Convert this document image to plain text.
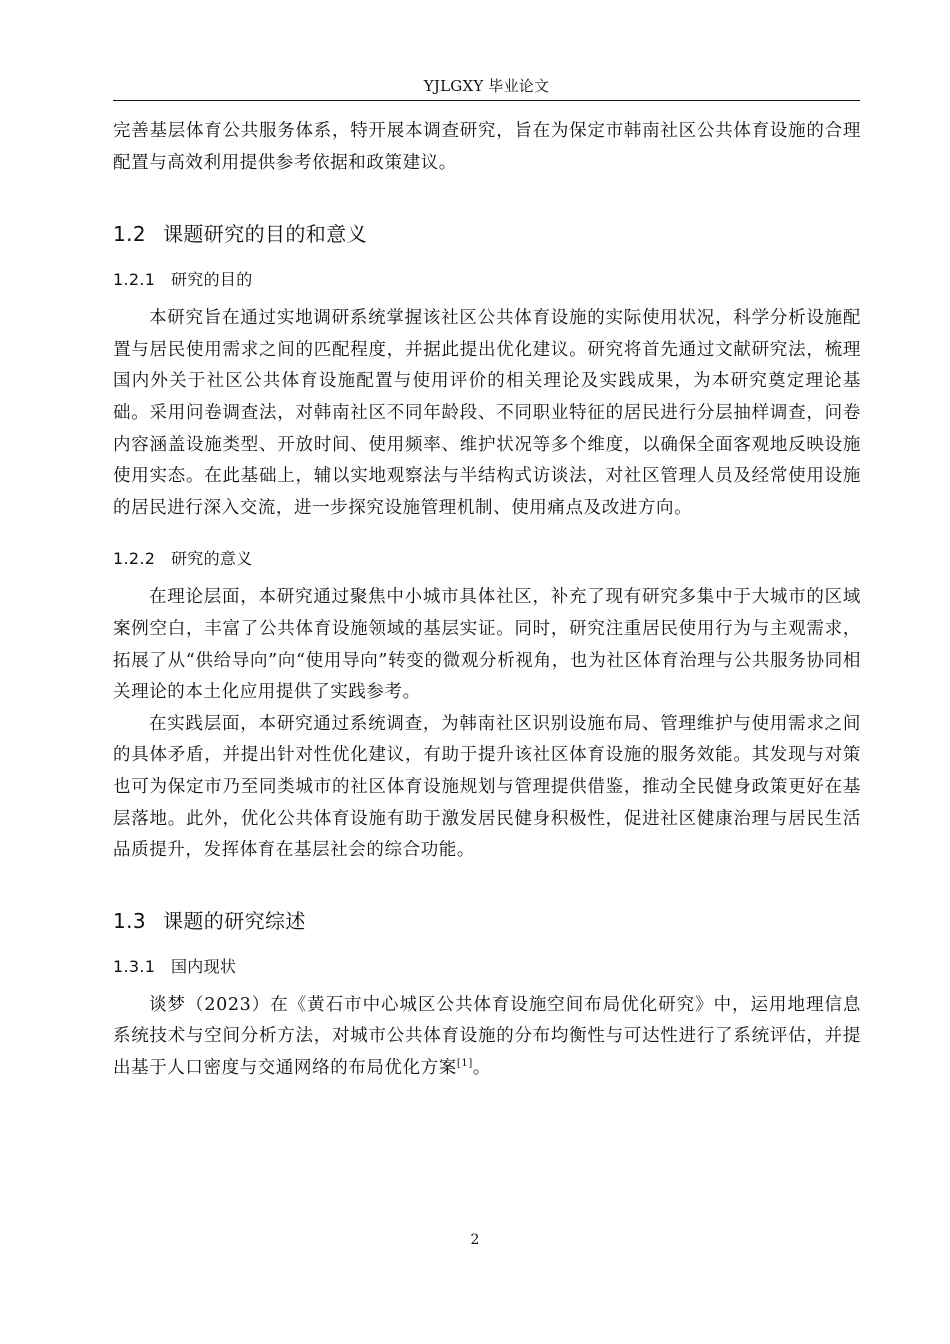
YJLGXY 毕业论文

完善基层体育公共服务体系，特开展本调查研究，旨在为保定市韩南社区公共体育设施的合理配置与高效利用提供参考依据和政策建议。

1.2 课题研究的目的和意义
1.2.1 研究的目的

本研究旨在通过实地调研系统掌握该社区公共体育设施的实际使用状况，科学分析设施配置与居民使用需求之间的匹配程度，并据此提出优化建议。研究将首先通过文献研究法，梳理国内外关于社区公共体育设施配置与使用评价的相关理论及实践成果，为本研究奠定理论基础。采用问卷调查法，对韩南社区不同年龄段、不同职业特征的居民进行分层抽样调查，问卷内容涵盖设施类型、开放时间、使用频率、维护状况等多个维度，以确保全面客观地反映设施使用实态。在此基础上，辅以实地观察法与半结构式访谈法，对社区管理人员及经常使用设施的居民进行深入交流，进一步探究设施管理机制、使用痛点及改进方向。

1.2.2 研究的意义

在理论层面，本研究通过聚焦中小城市具体社区，补充了现有研究多集中于大城市的区域案例空白，丰富了公共体育设施领域的基层实证。同时，研究注重居民使用行为与主观需求，拓展了从“供给导向”向“使用导向”转变的微观分析视角，也为社区体育治理与公共服务协同相关理论的本土化应用提供了实践参考。

在实践层面，本研究通过系统调查，为韩南社区识别设施布局、管理维护与使用需求之间的具体矛盾，并提出针对性优化建议，有助于提升该社区体育设施的服务效能。其发现与对策也可为保定市乃至同类城市的社区体育设施规划与管理提供借鉴，推动全民健身政策更好在基层落地。此外，优化公共体育设施有助于激发居民健身积极性，促进社区健康治理与居民生活品质提升，发挥体育在基层社会的综合功能。

1.3 课题的研究综述
1.3.1 国内现状

谈梦（2023）在《黄石市中心城区公共体育设施空间布局优化研究》中，运用地理信息系统技术与空间分析方法，对城市公共体育设施的分布均衡性与可达性进行了系统评估，并提出基于人口密度与交通网络的布局优化方案[1]。

2
